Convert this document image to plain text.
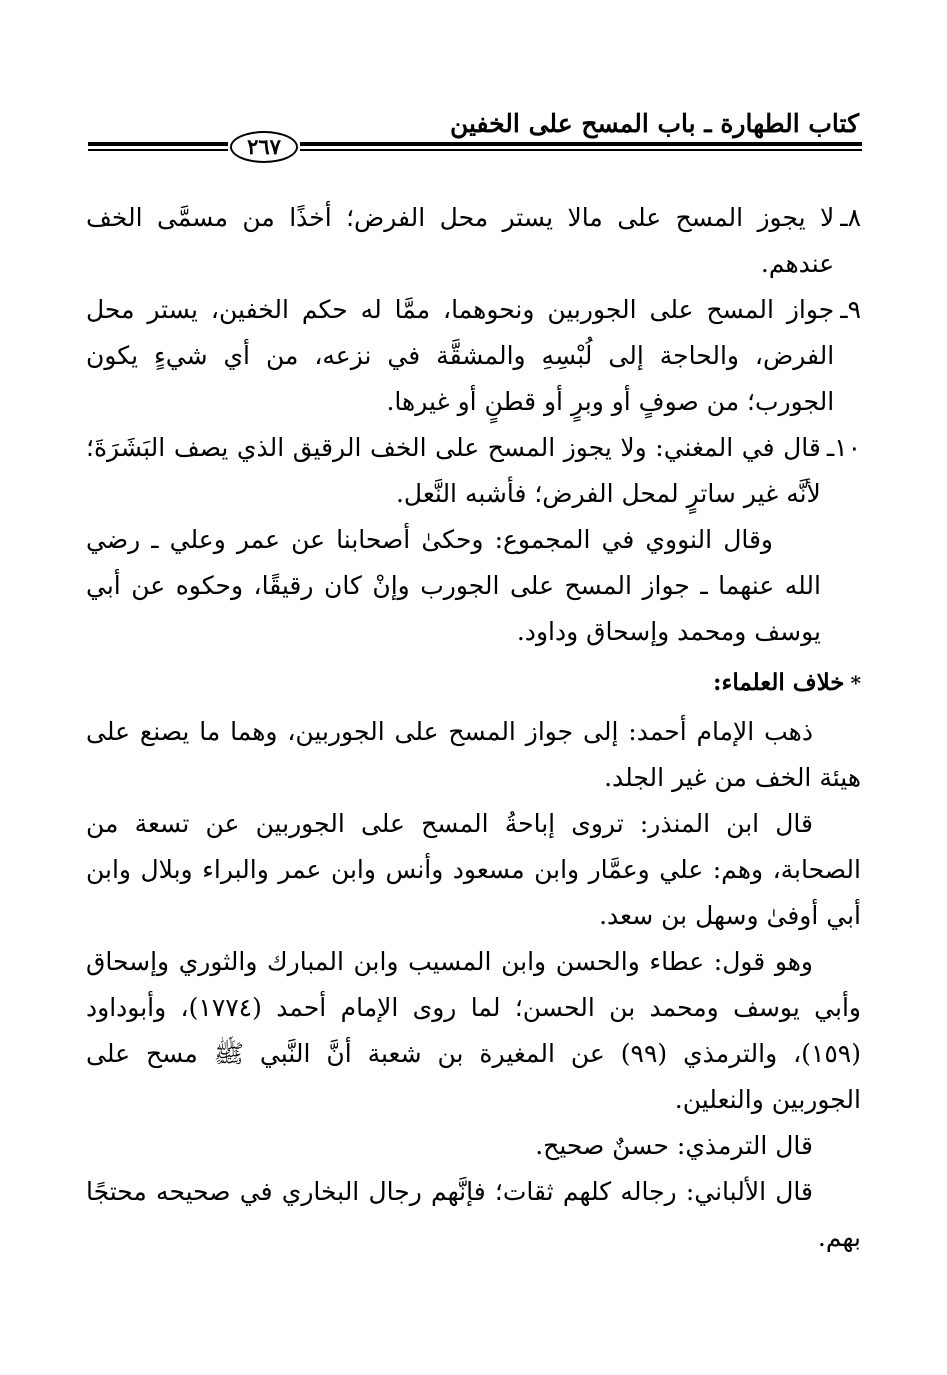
كتاب الطهارة ـ باب المسح على الخفين
٢٦٧
٨ـ
لا يجوز المسح على مالا يستر محل الفرض؛ أخذًا من مسمَّى الخف عندهم.
٩ـ
جواز المسح على الجوربين ونحوهما، ممَّا له حكم الخفين، يستر محل الفرض، والحاجة إلى لُبْسِهِ والمشقَّة في نزعه، من أي شيءٍ يكون الجورب؛ من صوفٍ أو وبرٍ أو قطنٍ أو غيرها.
١٠ـ
قال في المغني: ولا يجوز المسح على الخف الرقيق الذي يصف البَشَرَةَ؛ لأنَّه غير ساترٍ لمحل الفرض؛ فأشبه النَّعل.

وقال النووي في المجموع: وحكىٰ أصحابنا عن عمر وعلي ـ رضي الله عنهما ـ جواز المسح على الجورب وإنْ كان رقيقًا، وحكوه عن أبي يوسف ومحمد وإسحاق وداود.

*خلاف العلماء:

ذهب الإمام أحمد: إلى جواز المسح على الجوربين، وهما ما يصنع على هيئة الخف من غير الجلد.

قال ابن المنذر: تروى إباحةُ المسح على الجوربين عن تسعة من الصحابة، وهم: علي وعمَّار وابن مسعود وأنس وابن عمر والبراء وبلال وابن أبي أوفىٰ وسهل بن سعد.

وهو قول: عطاء والحسن وابن المسيب وابن المبارك والثوري وإسحاق وأبي يوسف ومحمد بن الحسن؛ لما روى الإمام أحمد (١٧٧٤)، وأبوداود (١٥٩)، والترمذي (٩٩) عن المغيرة بن شعبة أنَّ النَّبي ﷺ مسح على الجوربين والنعلين.

قال الترمذي: حسنٌ صحيح.

قال الألباني: رجاله كلهم ثقات؛ فإنَّهم رجال البخاري في صحيحه محتجًا بهم.
